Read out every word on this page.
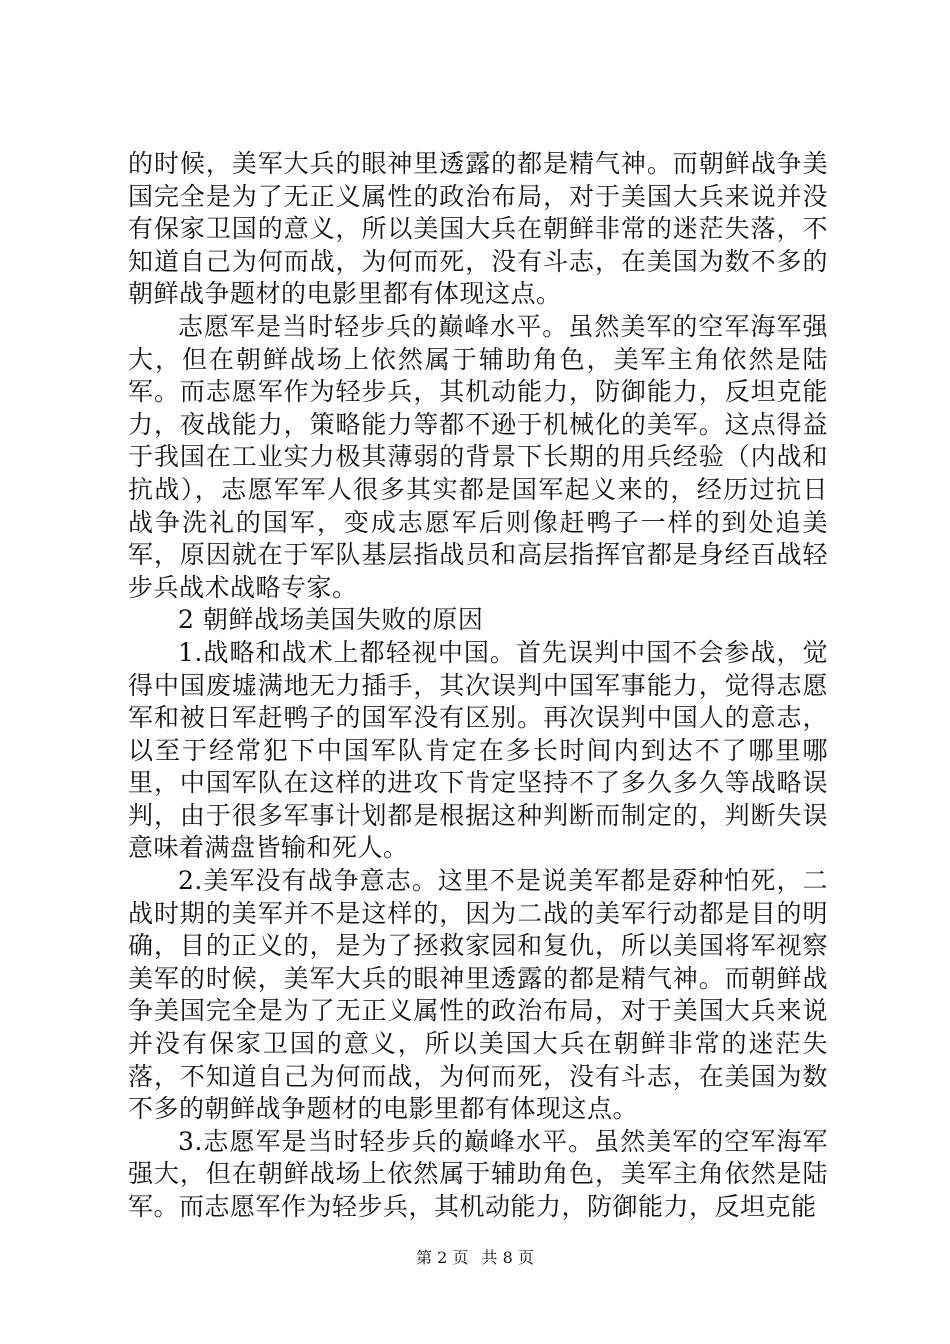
的时候，美军大兵的眼神里透露的都是精气神。而朝鲜战争美国完全是为了无正义属性的政治布局，对于美国大兵来说并没有保家卫国的意义，所以美国大兵在朝鲜非常的迷茫失落，不知道自己为何而战，为何而死，没有斗志，在美国为数不多的朝鲜战争题材的电影里都有体现这点。

志愿军是当时轻步兵的巅峰水平。虽然美军的空军海军强大，但在朝鲜战场上依然属于辅助角色，美军主角依然是陆军。而志愿军作为轻步兵，其机动能力，防御能力，反坦克能力，夜战能力，策略能力等都不逊于机械化的美军。这点得益于我国在工业实力极其薄弱的背景下长期的用兵经验（内战和抗战），志愿军军人很多其实都是国军起义来的，经历过抗日战争洗礼的国军，变成志愿军后则像赶鸭子一样的到处追美军，原因就在于军队基层指战员和高层指挥官都是身经百战轻步兵战术战略专家。

2 朝鲜战场美国失败的原因

1.战略和战术上都轻视中国。首先误判中国不会参战，觉得中国废墟满地无力插手，其次误判中国军事能力，觉得志愿军和被日军赶鸭子的国军没有区别。再次误判中国人的意志，以至于经常犯下中国军队肯定在多长时间内到达不了哪里哪里，中国军队在这样的进攻下肯定坚持不了多久多久等战略误判，由于很多军事计划都是根据这种判断而制定的，判断失误意味着满盘皆输和死人。

2.美军没有战争意志。这里不是说美军都是孬种怕死，二战时期的美军并不是这样的，因为二战的美军行动都是目的明确，目的正义的，是为了拯救家园和复仇，所以美国将军视察美军的时候，美军大兵的眼神里透露的都是精气神。而朝鲜战争美国完全是为了无正义属性的政治布局，对于美国大兵来说并没有保家卫国的意义，所以美国大兵在朝鲜非常的迷茫失落，不知道自己为何而战，为何而死，没有斗志，在美国为数不多的朝鲜战争题材的电影里都有体现这点。

3.志愿军是当时轻步兵的巅峰水平。虽然美军的空军海军强大，但在朝鲜战场上依然属于辅助角色，美军主角依然是陆军。而志愿军作为轻步兵，其机动能力，防御能力，反坦克能

第 2 页 共 8 页
